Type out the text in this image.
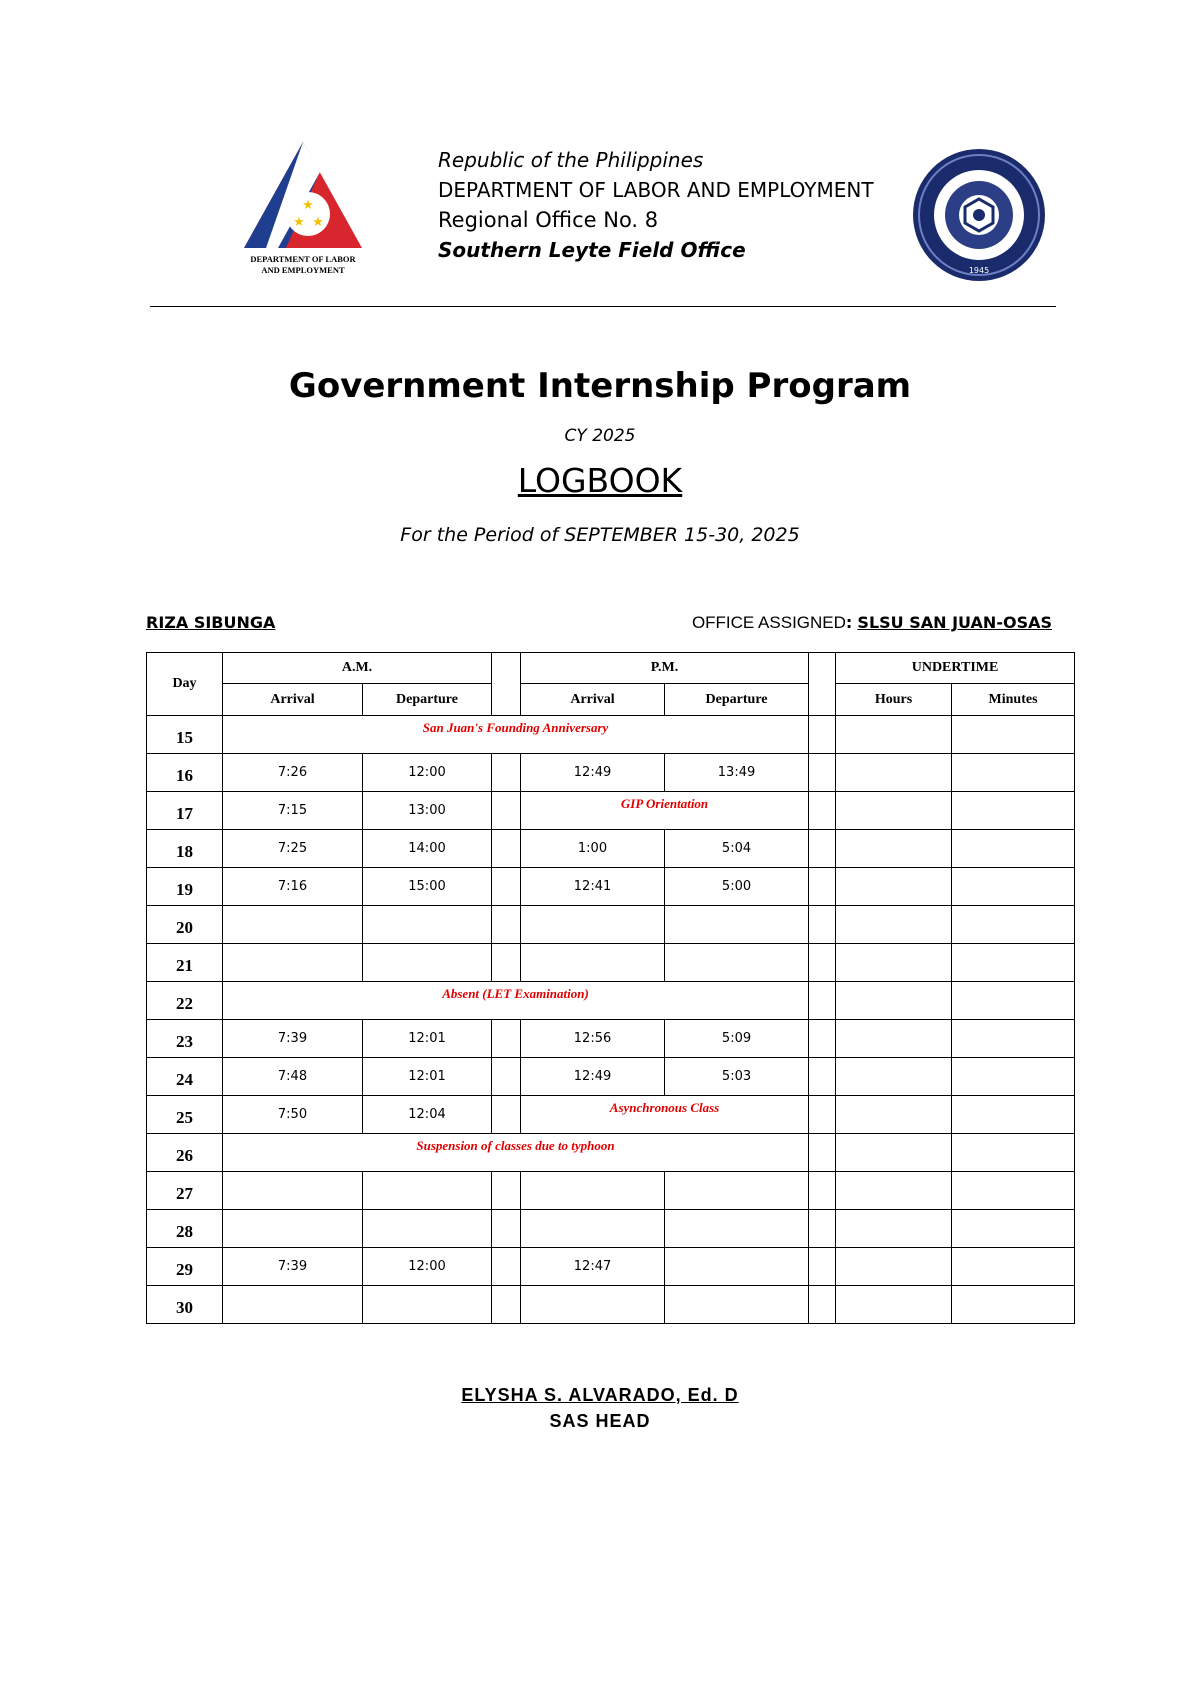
★
★ ★
DEPARTMENT OF LABOR
AND EMPLOYMENT
Republic of the Philippines
DEPARTMENT OF LABOR AND EMPLOYMENT
Regional Office No. 8
Southern Leyte Field Office
1945
Government Internship Program
CY 2025
LOGBOOK
For the Period of SEPTEMBER 15-30, 2025
RIZA SIBUNGA	OFFICE ASSIGNED: SLSU SAN JUAN-OSAS
Day	A.M.			P.M.			UNDERTIME	
	Arrival	Departure		Arrival	Departure		Hours	Minutes
15	San Juan's Founding Anniversary							
16	7:26	12:00		12:49	13:49			
17	7:15	13:00		GIP Orientation				
18	7:25	14:00		1:00	5:04			
19	7:16	15:00		12:41	5:00			
20								
21								
22	Absent (LET Examination)							
23	7:39	12:01		12:56	5:09			
24	7:48	12:01		12:49	5:03			
25	7:50	12:04		Asynchronous Class				
26	Suspension of classes due to typhoon							
27								
28								
29	7:39	12:00		12:47				
30								
ELYSHA S. ALVARADO, Ed. D
SAS HEAD
